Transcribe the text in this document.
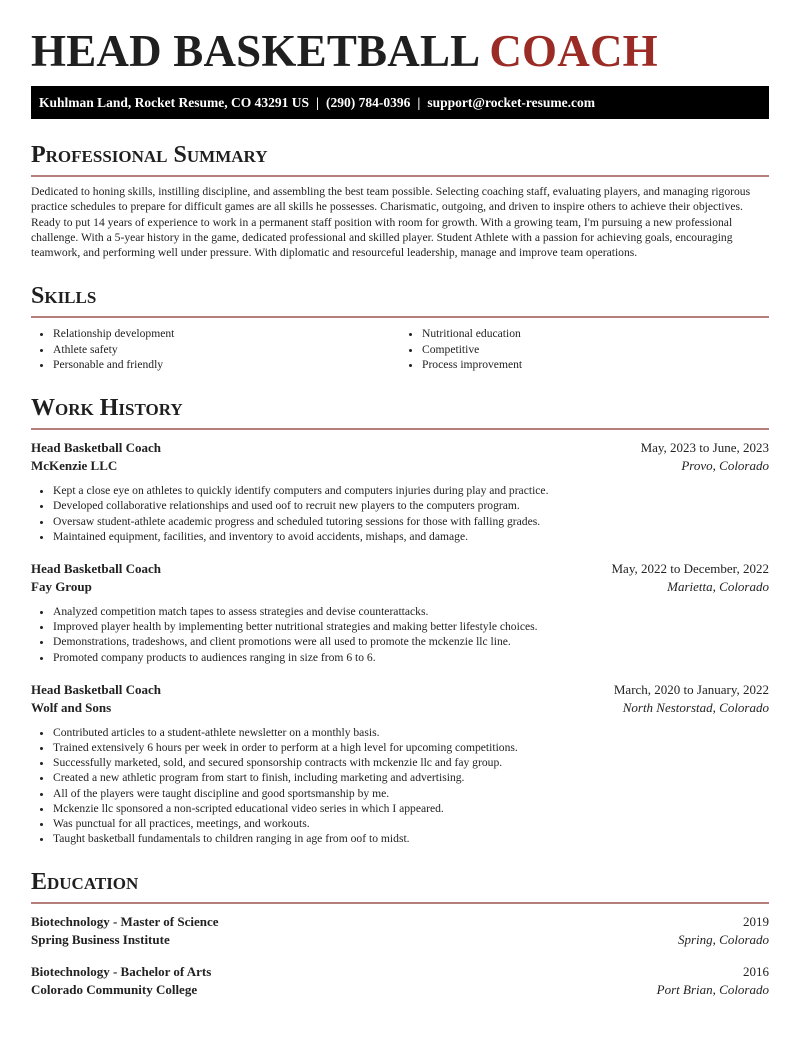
HEAD BASKETBALL COACH
Kuhlman Land, Rocket Resume, CO 43291 US | (290) 784-0396 | support@rocket-resume.com
Professional Summary

Dedicated to honing skills, instilling discipline, and assembling the best team possible. Selecting coaching staff, evaluating players, and managing rigorous practice schedules to prepare for difficult games are all skills he possesses. Charismatic, outgoing, and driven to inspire others to achieve their objectives. Ready to put 14 years of experience to work in a permanent staff position with room for growth. With a growing team, I'm pursuing a new professional challenge. With a 5-year history in the game, dedicated professional and skilled player. Student Athlete with a passion for achieving goals, encouraging teamwork, and performing well under pressure. With diplomatic and resourceful leadership, manage and improve team operations.

Skills
• Relationship development
• Athlete safety
• Personable and friendly
• Nutritional education
• Competitive
• Process improvement
Work History
Head Basketball Coach	May, 2023 to June, 2023
McKenzie LLC	Provo, Colorado
• Kept a close eye on athletes to quickly identify computers and computers injuries during play and practice.
• Developed collaborative relationships and used oof to recruit new players to the computers program.
• Oversaw student-athlete academic progress and scheduled tutoring sessions for those with falling grades.
• Maintained equipment, facilities, and inventory to avoid accidents, mishaps, and damage.
Head Basketball Coach	May, 2022 to December, 2022
Fay Group	Marietta, Colorado
• Analyzed competition match tapes to assess strategies and devise counterattacks.
• Improved player health by implementing better nutritional strategies and making better lifestyle choices.
• Demonstrations, tradeshows, and client promotions were all used to promote the mckenzie llc line.
• Promoted company products to audiences ranging in size from 6 to 6.
Head Basketball Coach	March, 2020 to January, 2022
Wolf and Sons	North Nestorstad, Colorado
• Contributed articles to a student-athlete newsletter on a monthly basis.
• Trained extensively 6 hours per week in order to perform at a high level for upcoming competitions.
• Successfully marketed, sold, and secured sponsorship contracts with mckenzie llc and fay group.
• Created a new athletic program from start to finish, including marketing and advertising.
• All of the players were taught discipline and good sportsmanship by me.
• Mckenzie llc sponsored a non-scripted educational video series in which I appeared.
• Was punctual for all practices, meetings, and workouts.
• Taught basketball fundamentals to children ranging in age from oof to midst.
Education
Biotechnology - Master of Science	2019
Spring Business Institute	Spring, Colorado
Biotechnology - Bachelor of Arts	2016
Colorado Community College	Port Brian, Colorado
